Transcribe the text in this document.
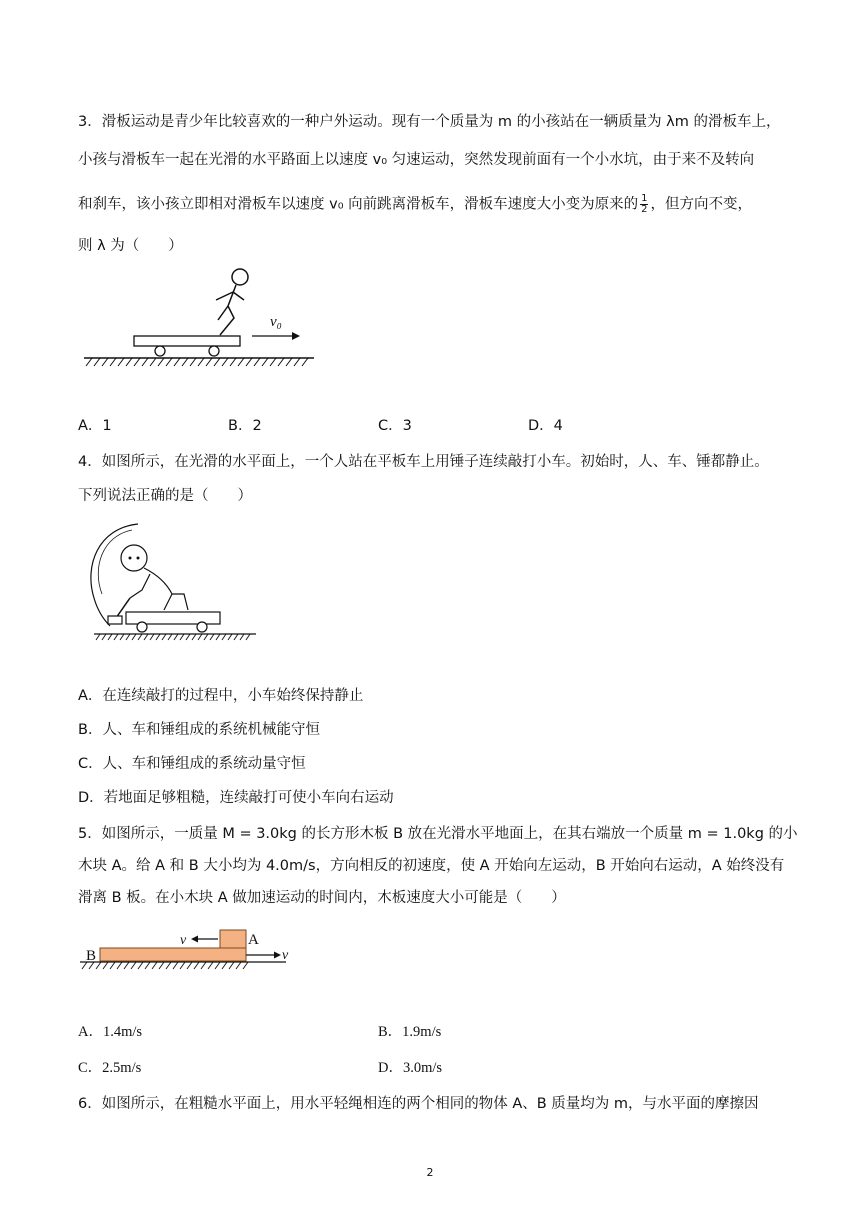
3．滑板运动是青少年比较喜欢的一种户外运动。现有一个质量为 m 的小孩站在一辆质量为 λm 的滑板车上，
小孩与滑板车一起在光滑的水平路面上以速度 v₀ 匀速运动，突然发现前面有一个小水坑，由于来不及转向
和刹车，该小孩立即相对滑板车以速度 v₀ 向前跳离滑板车，滑板车速度大小变为原来的 $\frac{1}{2}$ ，但方向不变，
则 λ 为（　　）
v₀
A．1	B．2	C．3	D．4
4．如图所示，在光滑的水平面上，一个人站在平板车上用锤子连续敲打小车。初始时，人、车、锤都静止。
下列说法正确的是（　　）
A．在连续敲打的过程中，小车始终保持静止
B．人、车和锤组成的系统机械能守恒
C．人、车和锤组成的系统动量守恒
D．若地面足够粗糙，连续敲打可使小车向右运动
5．如图所示，一质量 M = 3.0kg 的长方形木板 B 放在光滑水平地面上，在其右端放一个质量 m = 1.0kg 的小
木块 A。给 A 和 B 大小均为 4.0m/s，方向相反的初速度，使 A 开始向左运动，B 开始向右运动，A 始终没有
滑离 B 板。在小木块 A 做加速运动的时间内，木板速度大小可能是（　　）
v	A
B	v
A．1.4m/s	B．1.9m/s
C．2.5m/s	D．3.0m/s
6．如图所示，在粗糙水平面上，用水平轻绳相连的两个相同的物体 A、B 质量均为 m，与水平面的摩擦因
2
